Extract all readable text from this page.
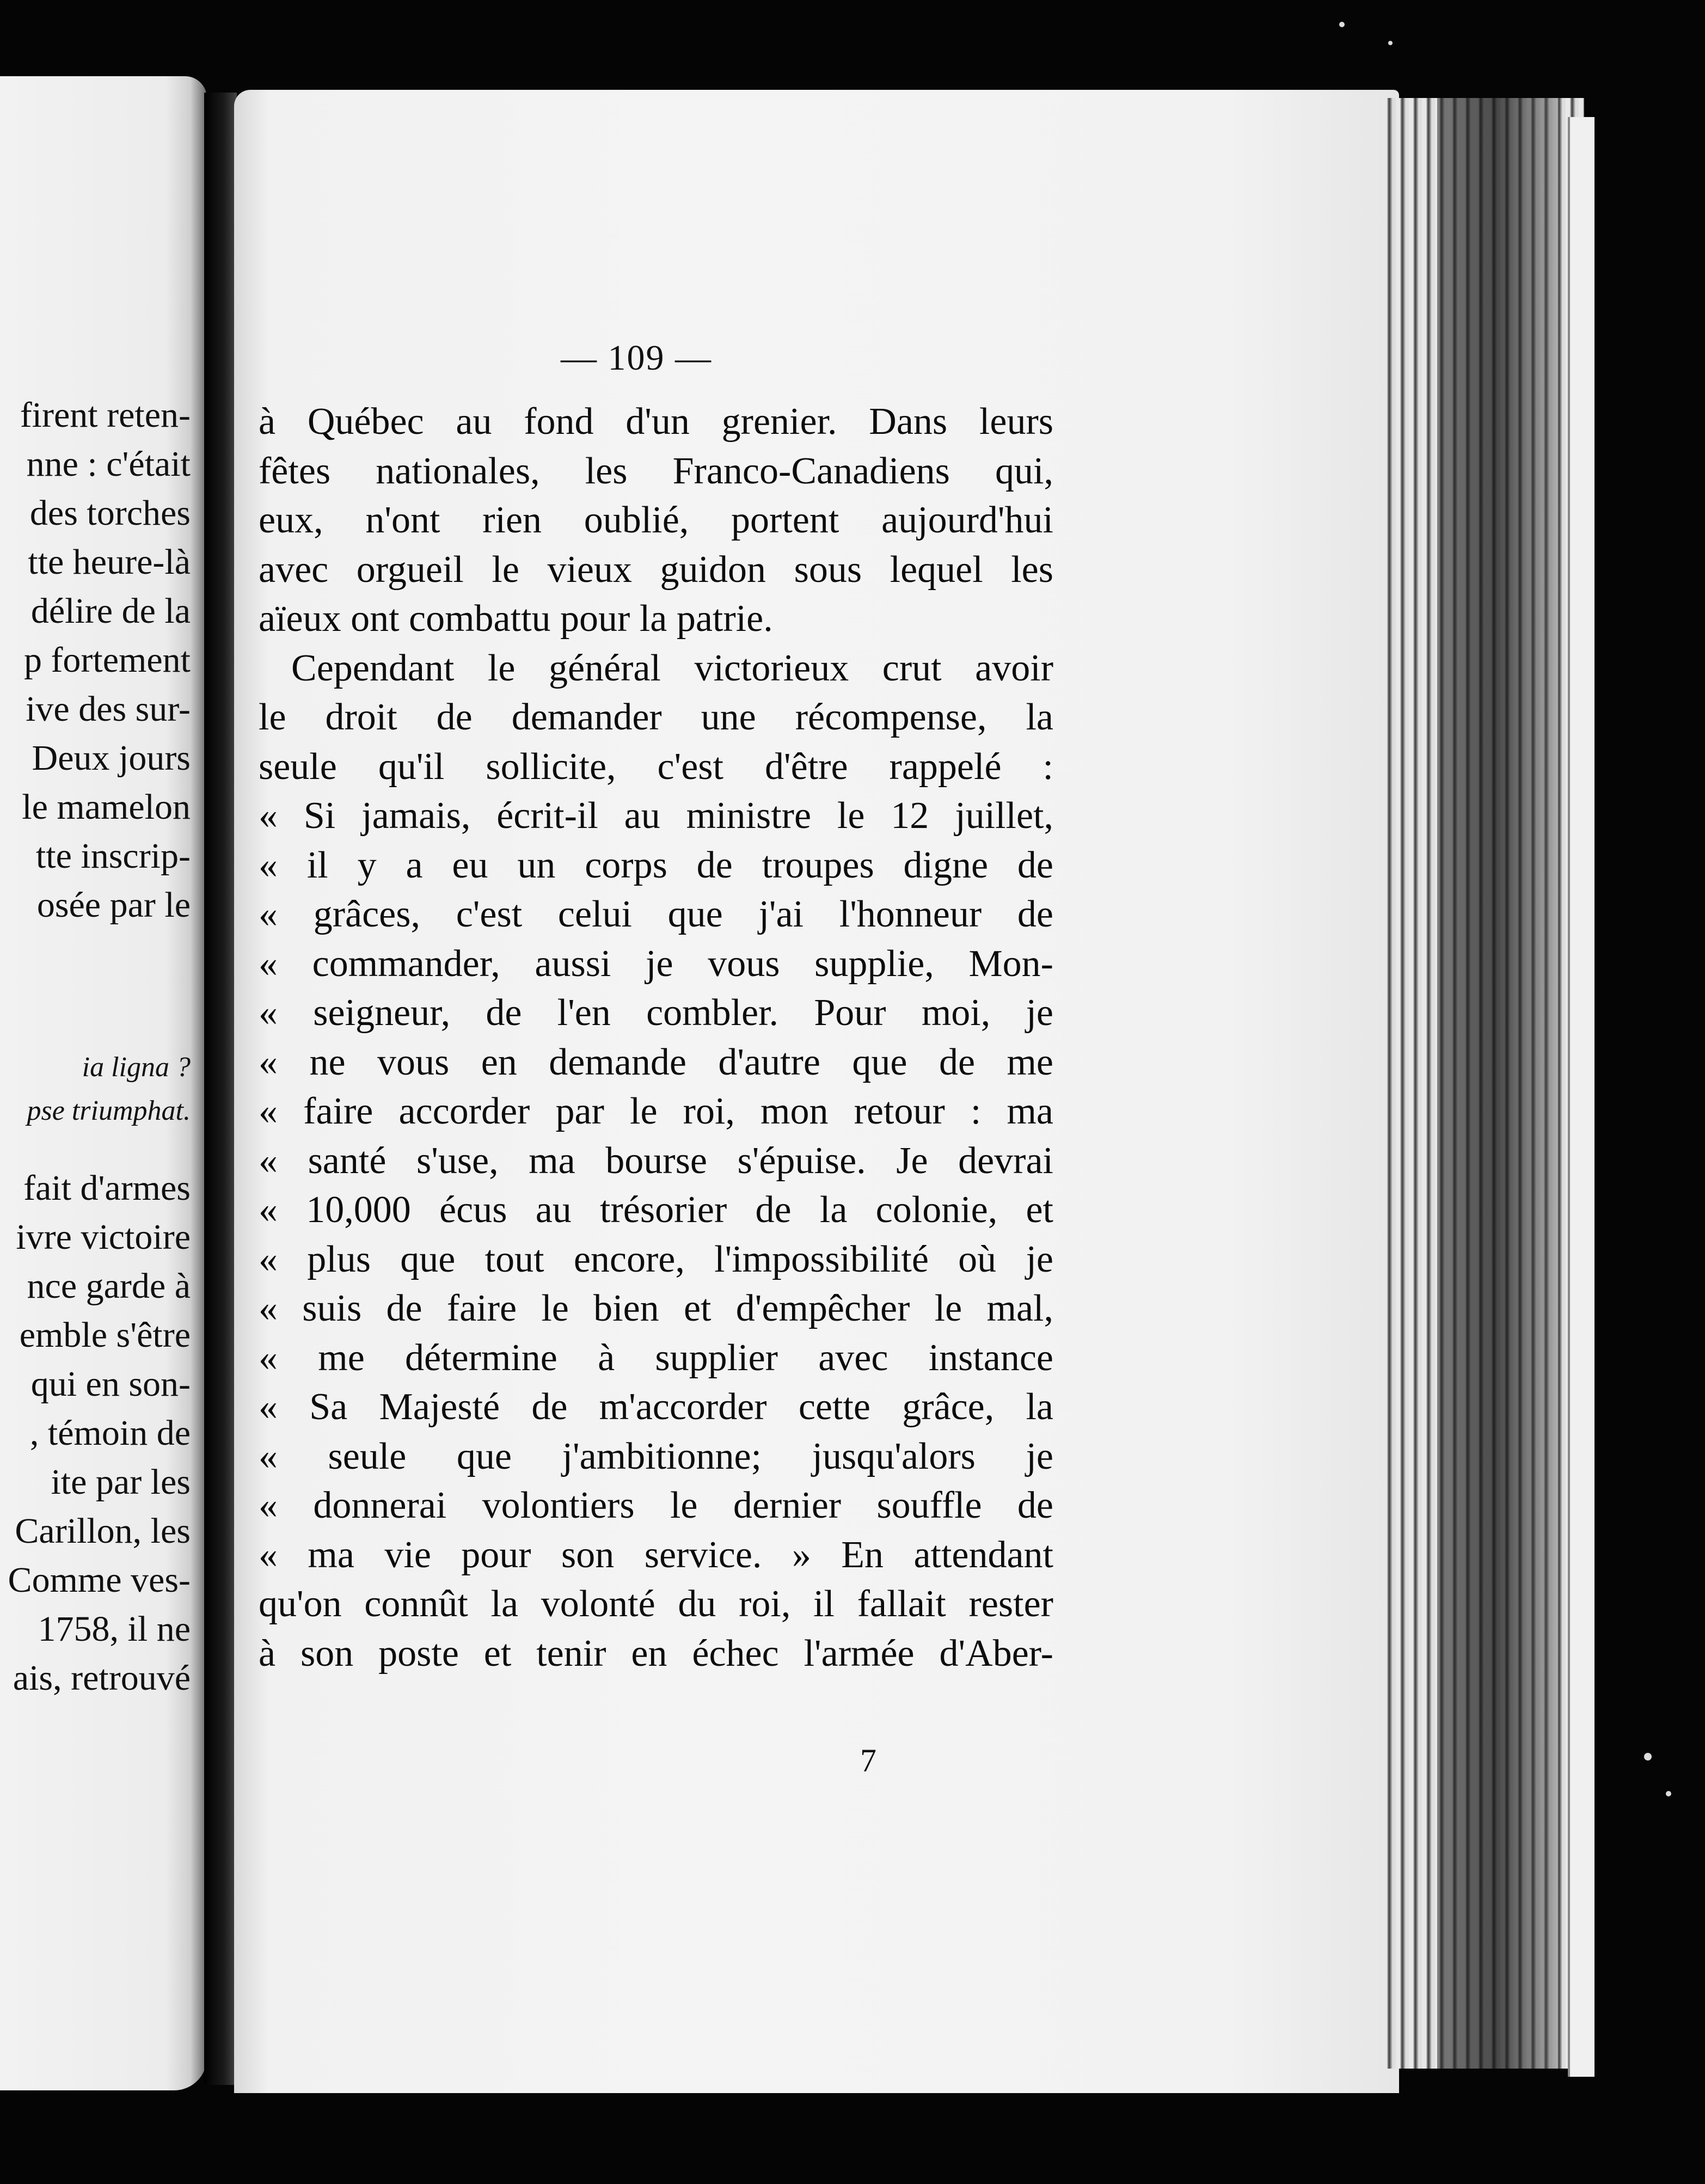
firent reten-
nne : c'était
des torches
tte heure-là
délire de la
p fortement
ive des sur-
Deux jours
le mamelon
tte inscrip-
osée par le
ia ligna ?
pse triumphat.
fait d'armes
ivre victoire
nce garde à
emble s'être
qui en son-
, témoin de
ite par les
Carillon, les
Comme ves-
1758, il ne
ais, retrouvé
— 109 —
à Québec au fond d'un grenier. Dans leurs
fêtes nationales, les Franco-Canadiens qui,
eux, n'ont rien oublié, portent aujourd'hui
avec orgueil le vieux guidon sous lequel les
aïeux ont combattu pour la patrie.
Cependant le général victorieux crut avoir
le droit de demander une récompense, la
seule qu'il sollicite, c'est d'être rappelé :
« Si jamais, écrit-il au ministre le 12 juillet,
« il y a eu un corps de troupes digne de
« grâces, c'est celui que j'ai l'honneur de
« commander, aussi je vous supplie, Mon-
« seigneur, de l'en combler. Pour moi, je
« ne vous en demande d'autre que de me
« faire accorder par le roi, mon retour : ma
« santé s'use, ma bourse s'épuise. Je devrai
« 10,000 écus au trésorier de la colonie, et
« plus que tout encore, l'impossibilité où je
« suis de faire le bien et d'empêcher le mal,
« me détermine à supplier avec instance
« Sa Majesté de m'accorder cette grâce, la
« seule que j'ambitionne; jusqu'alors je
« donnerai volontiers le dernier souffle de
« ma vie pour son service. » En attendant
qu'on connût la volonté du roi, il fallait rester
à son poste et tenir en échec l'armée d'Aber-
7
